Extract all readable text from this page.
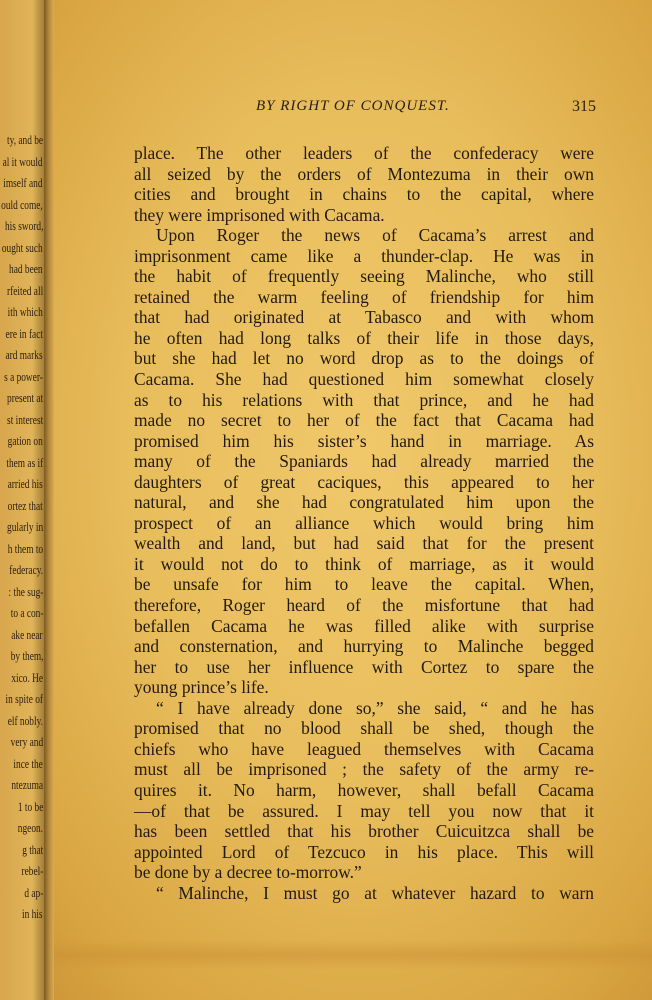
ty, and be
al it would
imself and
ould come,
his sword,
ought such
had been
rfeited all
ith which
ere in fact
ard marks
s a power-
present at
st interest
gation on
them as if
arried his
ortez that
gularly in
h them to
federacy.
: the sug-
to a con-
ake near
by them,
xico. He
in spite of
elf nobly.
very and
ince the
ntezuma
1 to be
ngeon.
g that
rebel-
d ap-
in his
BY RIGHT OF CONQUEST.	315
place. The other leaders of the confederacy were
all seized by the orders of Montezuma in their own
cities and brought in chains to the capital, where
they were imprisoned with Cacama.
Upon Roger the news of Cacama’s arrest and
imprisonment came like a thunder-clap. He was in
the habit of frequently seeing Malinche, who still
retained the warm feeling of friendship for him
that had originated at Tabasco and with whom
he often had long talks of their life in those days,
but she had let no word drop as to the doings of
Cacama. She had questioned him somewhat closely
as to his relations with that prince, and he had
made no secret to her of the fact that Cacama had
promised him his sister’s hand in marriage. As
many of the Spaniards had already married the
daughters of great caciques, this appeared to her
natural, and she had congratulated him upon the
prospect of an alliance which would bring him
wealth and land, but had said that for the present
it would not do to think of marriage, as it would
be unsafe for him to leave the capital. When,
therefore, Roger heard of the misfortune that had
befallen Cacama he was filled alike with surprise
and consternation, and hurrying to Malinche begged
her to use her influence with Cortez to spare the
young prince’s life.
“ I have already done so,” she said, “ and he has
promised that no blood shall be shed, though the
chiefs who have leagued themselves with Cacama
must all be imprisoned ; the safety of the army re-
quires it. No harm, however, shall befall Cacama
—of that be assured. I may tell you now that it
has been settled that his brother Cuicuitzca shall be
appointed Lord of Tezcuco in his place. This will
be done by a decree to-morrow.”
“ Malinche, I must go at whatever hazard to warn
